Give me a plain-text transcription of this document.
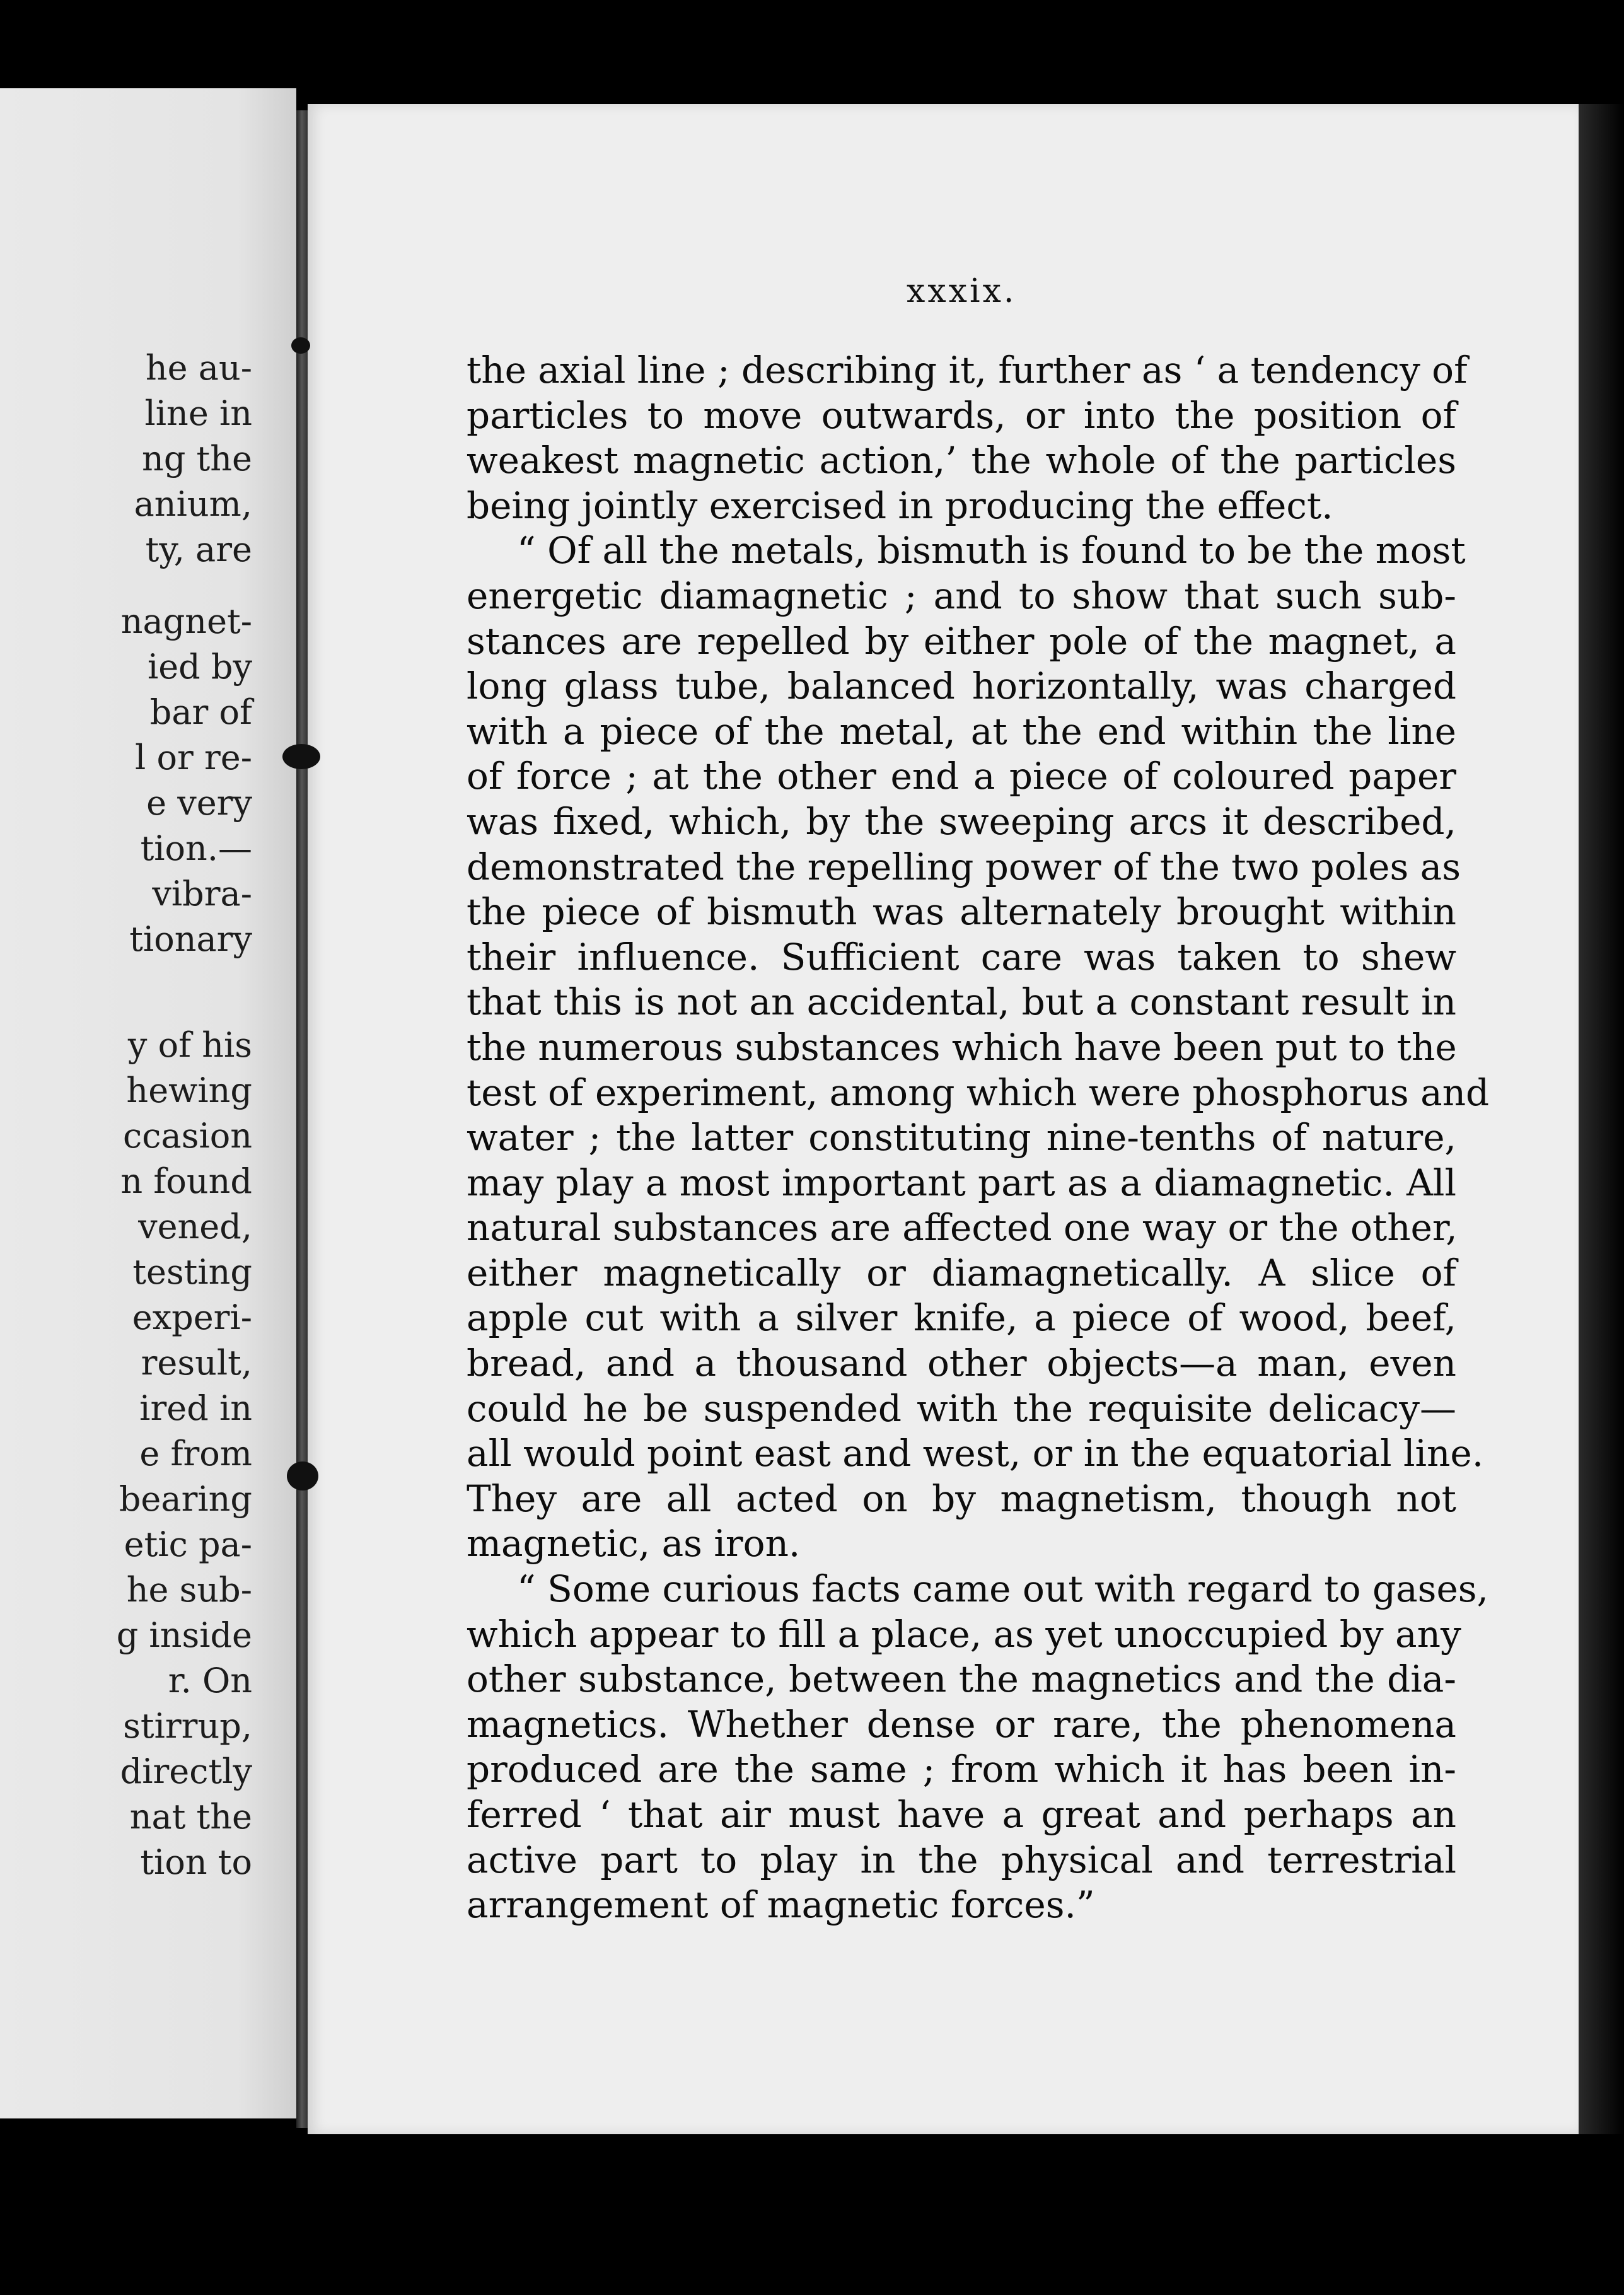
he au-
line in
ng the
anium,
ty, are
nagnet-
ied by
bar of
l or re-
e very
tion.—
vibra-
tionary
y of his
hewing
ccasion
n found
vened,
testing
experi-
result,
ired in
e from
bearing
etic pa-
he sub-
g inside
r. On
stirrup,
directly
nat the
tion to
xxxix.
the axial line ; describing it, further as ‘ a tendency of
particles to move outwards, or into the position of
weakest magnetic action,’ the whole of the particles
being jointly exercised in producing the effect.
“ Of all the metals, bismuth is found to be the most
energetic diamagnetic ; and to show that such sub-
stances are repelled by either pole of the magnet, a
long glass tube, balanced horizontally, was charged
with a piece of the metal, at the end within the line
of force ; at the other end a piece of coloured paper
was fixed, which, by the sweeping arcs it described,
demonstrated the repelling power of the two poles as
the piece of bismuth was alternately brought within
their influence. Sufficient care was taken to shew
that this is not an accidental, but a constant result in
the numerous substances which have been put to the
test of experiment, among which were phosphorus and
water ; the latter constituting nine-tenths of nature,
may play a most important part as a diamagnetic. All
natural substances are affected one way or the other,
either magnetically or diamagnetically. A slice of
apple cut with a silver knife, a piece of wood, beef,
bread, and a thousand other objects—a man, even
could he be suspended with the requisite delicacy—
all would point east and west, or in the equatorial line.
They are all acted on by magnetism, though not
magnetic, as iron.
“ Some curious facts came out with regard to gases,
which appear to fill a place, as yet unoccupied by any
other substance, between the magnetics and the dia-
magnetics. Whether dense or rare, the phenomena
produced are the same ; from which it has been in-
ferred ‘ that air must have a great and perhaps an
active part to play in the physical and terrestrial
arrangement of magnetic forces.”
